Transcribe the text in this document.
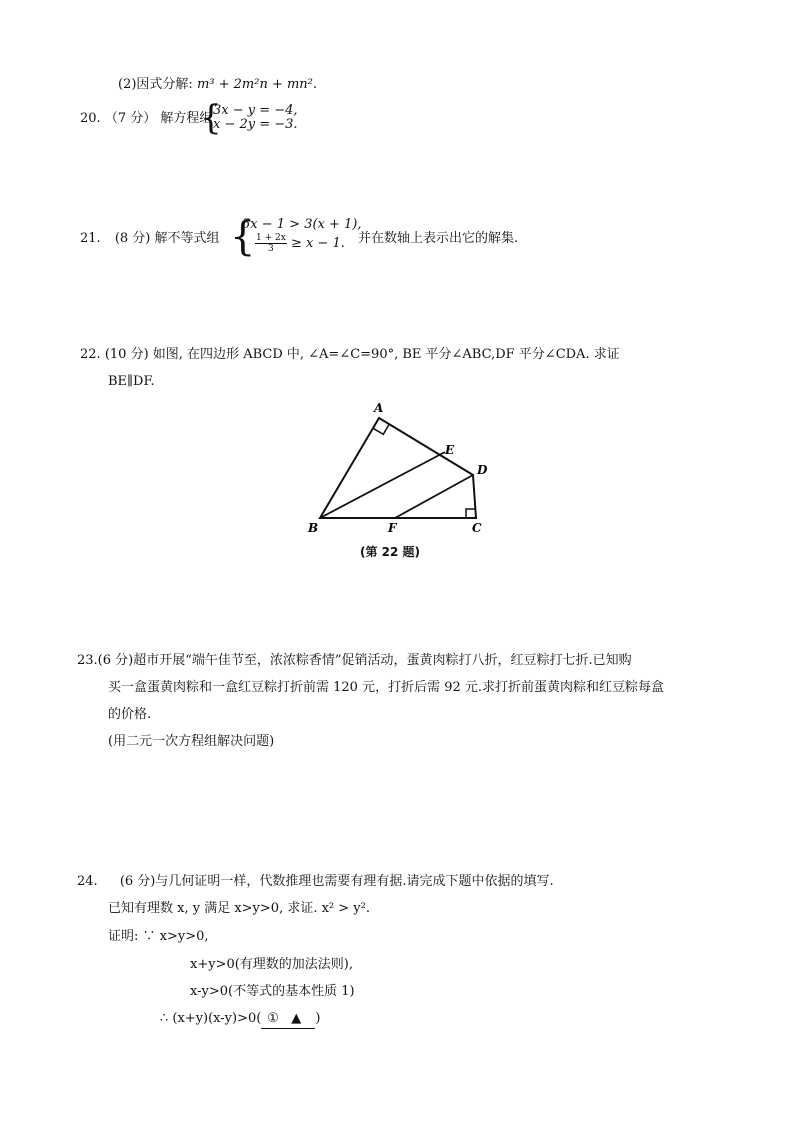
(2)因式分解: m³ + 2m²n + mn².
20. （7 分） 解方程组
{
3x − y = −4,
x − 2y = −3.
21. (8 分) 解不等式组 {
5x − 1 > 3(x + 1),
$\frac{1 + 2x}{3} \ge x - 1$. 并在数轴上表示出它的解集.
22. (10 分) 如图, 在四边形 ABCD 中, ∠A=∠C=90°, BE 平分∠ABC,DF 平分∠CDA. 求证
BE∥DF.
A
B	C
D
E
F
(第 22 题)
23.(6 分)超市开展“端午佳节至，浓浓粽香情”促销活动，蛋黄肉粽打八折，红豆粽打七折.已知购
买一盒蛋黄肉粽和一盒红豆粽打折前需 120 元，打折后需 92 元.求打折前蛋黄肉粽和红豆粽每盒
的价格.
(用二元一次方程组解决问题)
24. (6 分)与几何证明一样，代数推理也需要有理有据.请完成下题中依据的填写.
已知有理数 x, y 满足 x>y>0, 求证. x² > y².
证明: ∵ x>y>0,
x+y>0(有理数的加法法则),
x-y>0(不等式的基本性质 1)
∴ (x+y)(x-y)>0( ① ▲ )
